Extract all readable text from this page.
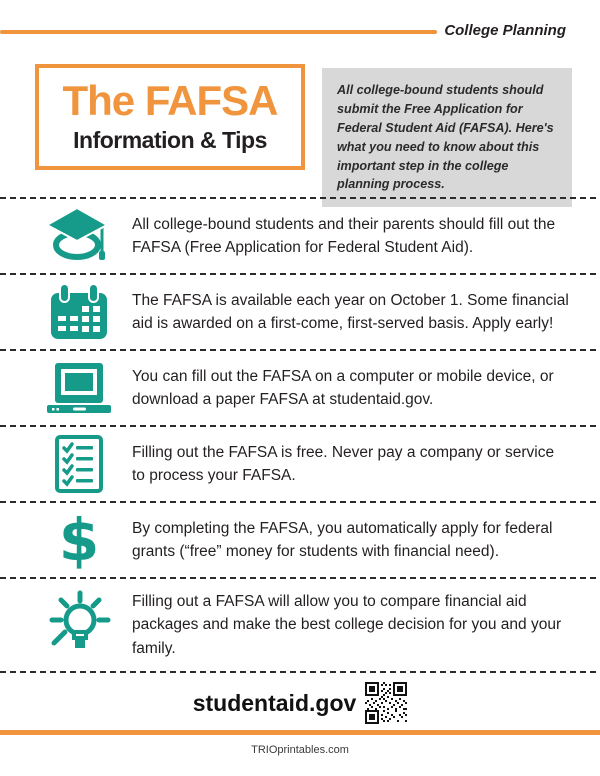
College Planning
The FAFSA
Information & Tips
All college-bound students should submit the Free Application for Federal Student Aid (FAFSA). Here's what you need to know about this important step in the college planning process.
All college-bound students and their parents should fill out the FAFSA (Free Application for Federal Student Aid).
The FAFSA is available each year on October 1. Some financial aid is awarded on a first-come, first-served basis. Apply early!
You can fill out the FAFSA on a computer or mobile device, or download a paper FAFSA at studentaid.gov.
Filling out the FAFSA is free. Never pay a company or service to process your FAFSA.
$ By completing the FAFSA, you automatically apply for federal grants (“free” money for students with financial need).
Filling out a FAFSA will allow you to compare financial aid packages and make the best college decision for you and your family.
studentaid.gov
TRIOprintables.com
